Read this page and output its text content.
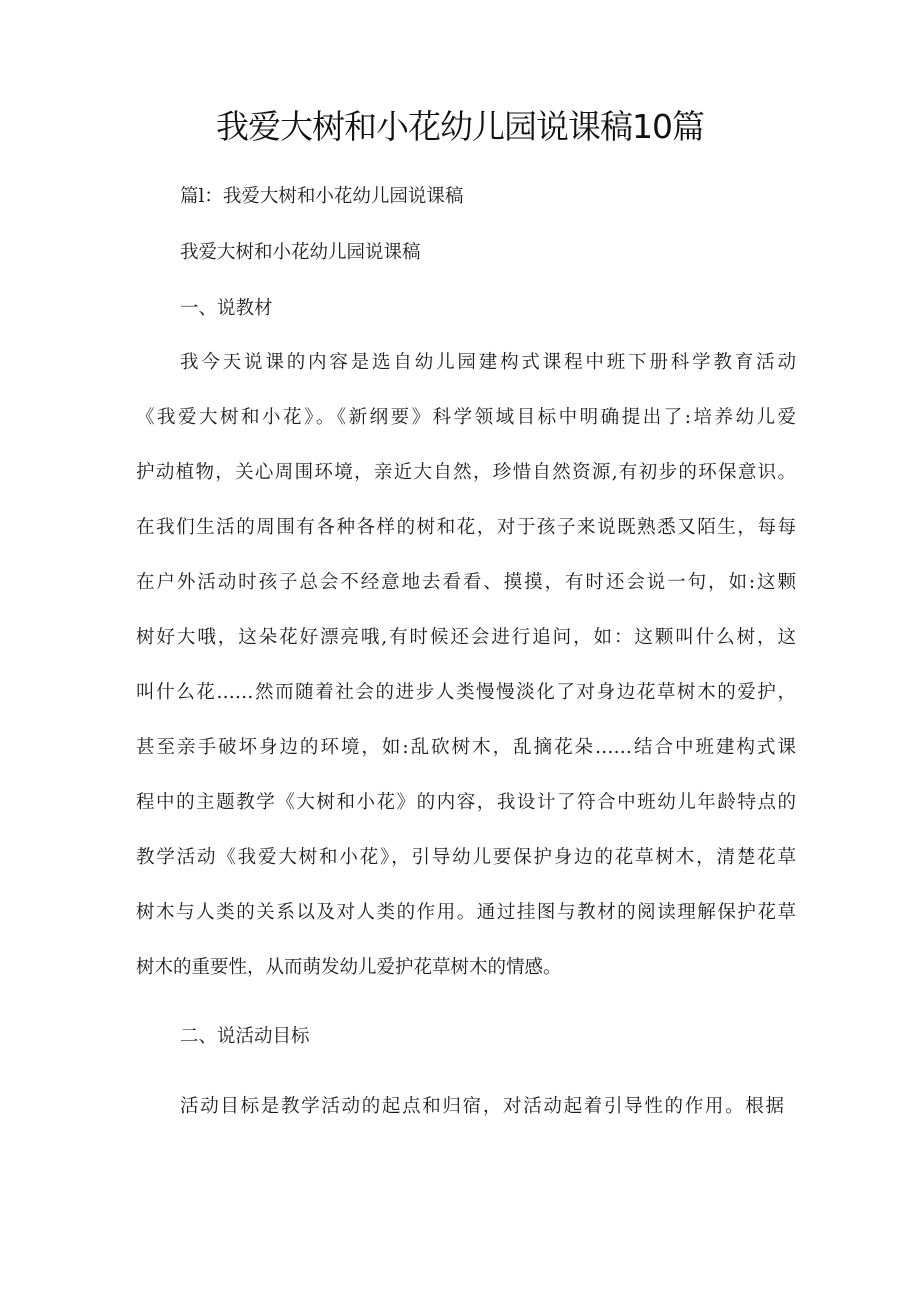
我爱大树和小花幼儿园说课稿10篇

篇l：我爱大树和小花幼儿园说课稿

我爱大树和小花幼儿园说课稿

一、说教材

我今天说课的内容是选自幼儿园建构式课程中班下册科学教育活动

《我爱大树和小花》。《新纲要》科学领域目标中明确提出了:培养幼儿爱

护动植物，关心周围环境，亲近大自然，珍惜自然资源,有初步的环保意识。

在我们生活的周围有各种各样的树和花，对于孩子来说既熟悉又陌生，每每

在户外活动时孩子总会不经意地去看看、摸摸，有时还会说一句，如:这颗

树好大哦，这朵花好漂亮哦,有时候还会进行追问，如：这颗叫什么树，这

叫什么花……然而随着社会的进步人类慢慢淡化了对身边花草树木的爱护，

甚至亲手破坏身边的环境，如:乱砍树木，乱摘花朵……结合中班建构式课

程中的主题教学《大树和小花》的内容，我设计了符合中班幼儿年龄特点的

教学活动《我爱大树和小花》，引导幼儿要保护身边的花草树木，清楚花草

树木与人类的关系以及对人类的作用。通过挂图与教材的阅读理解保护花草

树木的重要性，从而萌发幼儿爱护花草树木的情感。

二、说活动目标

活动目标是教学活动的起点和归宿，对活动起着引导性的作用。根据
